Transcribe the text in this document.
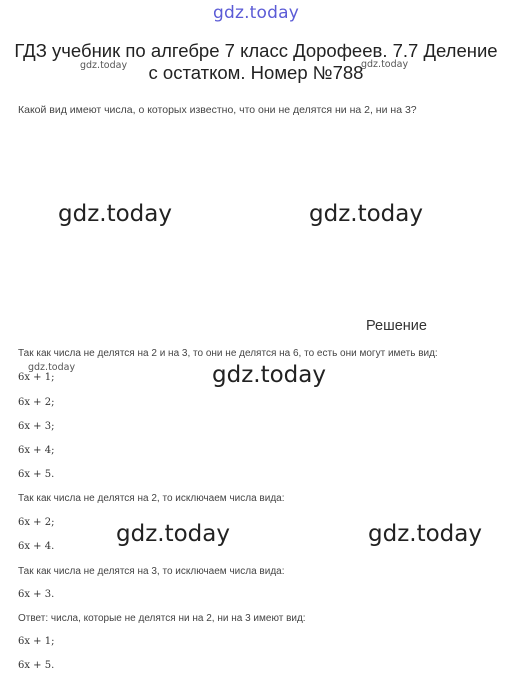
gdz.today
ГДЗ учебник по алгебре 7 класс Дорофеев. 7.7 Деление с остатком. Номер №788
gdz.today	gdz.today
Какой вид имеют числа, о которых известно, что они не делятся ни на 2, ни на 3?
gdz.today	gdz.today
Решение
Так как числа не делятся на 2 и на 3, то они не делятся на 6, то есть они могут иметь вид:
gdz.today
6x + 1;	gdz.today
6x + 2;
6x + 3;
6x + 4;
6x + 5.
Так как числа не делятся на 2, то исключаем числа вида:
6x + 2;	gdz.today	gdz.today
6x + 4.
Так как числа не делятся на 3, то исключаем числа вида:
6x + 3.
Ответ: числа, которые не делятся ни на 2, ни на 3 имеют вид:
6x + 1;
6x + 5.
